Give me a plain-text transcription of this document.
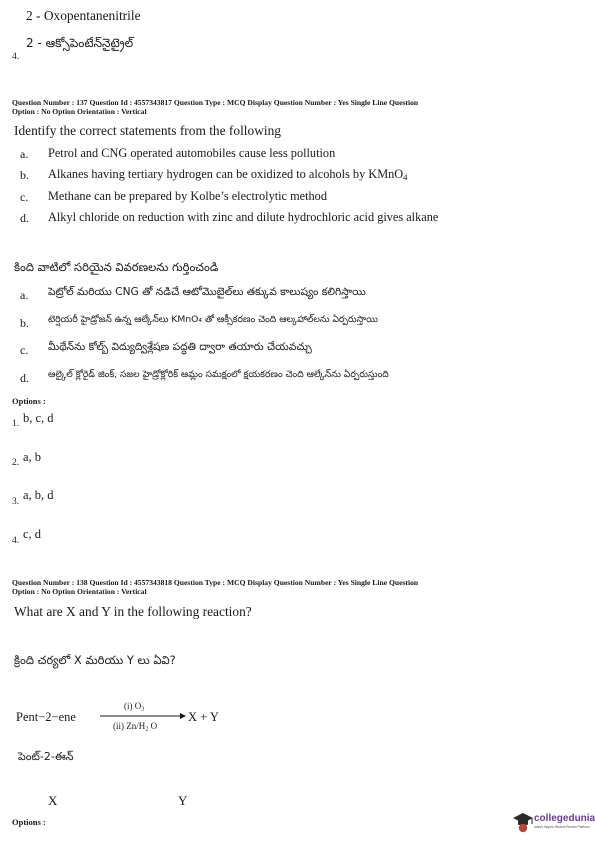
2 - Oxopentanenitrile
4.
2 - ఆక్సోపెంటేన్‌నైట్రైల్
Question Number : 137 Question Id : 4557343817 Question Type : MCQ Display Question Number : Yes Single Line Question
Option : No Option Orientation : Vertical
Identify the correct statements from the following
a. Petrol and CNG operated automobiles cause less pollution
b. Alkanes having tertiary hydrogen can be oxidized to alcohols by KMnO4
c. Methane can be prepared by Kolbe’s electrolytic method
d. Alkyl chloride on reduction with zinc and dilute hydrochloric acid gives alkane
కింది వాటిలో సరియైన వివరణలను గుర్తించండి
a. పెట్రోల్ మరియు CNG తో నడిచే ఆటోమొబైల్‌లు తక్కువ కాలుష్యం కలిగిస్తాయి
b. టెర్షియరీ హైడ్రోజన్ ఉన్న ఆల్కేన్‌లు KMnO₄ తో ఆక్సీకరణం చెంది ఆల్కహాల్‌లను ఏర్పరుస్తాయి
c. మీథేన్‌ను కోల్బ్ విద్యుద్విశ్లేషణ పద్ధతి ద్వారా తయారు చేయవచ్చు
d. ఆల్కైల్ క్లోరైడ్ జింక్, సజల హైడ్రోక్లోరిక్ ఆమ్లం సమక్షంలో క్షయకరణం చెంది ఆల్కేన్‌ను ఏర్పరుస్తుంది
Options :
1. b, c, d
2. a, b
3. a, b, d
4. c, d
Question Number : 138 Question Id : 4557343818 Question Type : MCQ Display Question Number : Yes Single Line Question
Option : No Option Orientation : Vertical
What are X and Y in the following reaction?
క్రింది చర్యలో X మరియు Y లు ఏవి?
Pent−2−ene
(i) O3
(ii) Zn/H2 O
X + Y
పెంట్-2-ఈన్
X	Y
Options :	collegedunia
India's largest Student Review Platform
